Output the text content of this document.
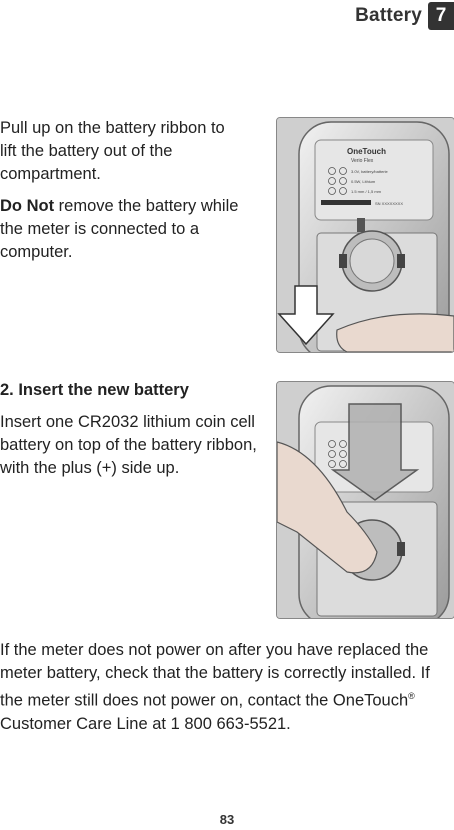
Battery 7

Pull up on the battery ribbon to lift the battery out of the compartment.

Do Not remove the battery while the meter is connected to a computer.

OneTouch
Verio Flex
3.0V, battery/batterie
0.5W, Lithium
1.5 mm / 1,5 mm
SN XXXXXXXX

2. Insert the new battery

Insert one CR2032 lithium coin cell battery on top of the battery ribbon, with the plus (+) side up.

If the meter does not power on after you have replaced the meter battery, check that the battery is correctly installed. If the meter still does not power on, contact the OneTouch® Customer Care Line at 1 800 663-5521.

83
